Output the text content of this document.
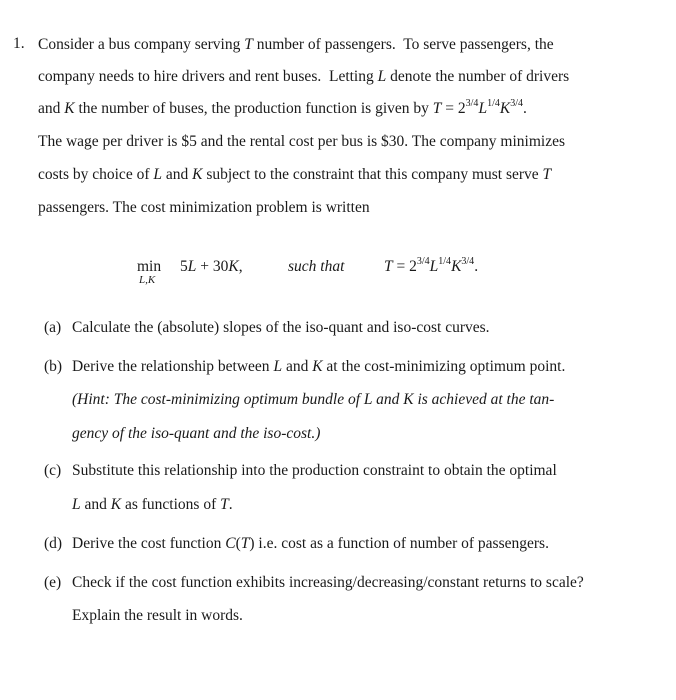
1. Consider a bus company serving T number of passengers.  To serve passengers, the
company needs to hire drivers and rent buses.  Letting L denote the number of drivers
and K the number of buses, the production function is given by $T = 2^{3/4}L^{1/4}K^{3/4}$.
The wage per driver is $5 and the rental cost per bus is $30. The company minimizes
costs by choice of L and K subject to the constraint that this company must serve T
passengers. The cost minimization problem is written
min
L,K
5L + 30K,	such that	$T = 2^{3/4}L^{1/4}K^{3/4}$.
(a) Calculate the (absolute) slopes of the iso-quant and iso-cost curves.
(b) Derive the relationship between L and K at the cost-minimizing optimum point.
(Hint: The cost-minimizing optimum bundle of L and K is achieved at the tan-
gency of the iso-quant and the iso-cost.)
(c) Substitute this relationship into the production constraint to obtain the optimal
L and K as functions of T.
(d) Derive the cost function C(T) i.e. cost as a function of number of passengers.
(e) Check if the cost function exhibits increasing/decreasing/constant returns to scale?
Explain the result in words.
